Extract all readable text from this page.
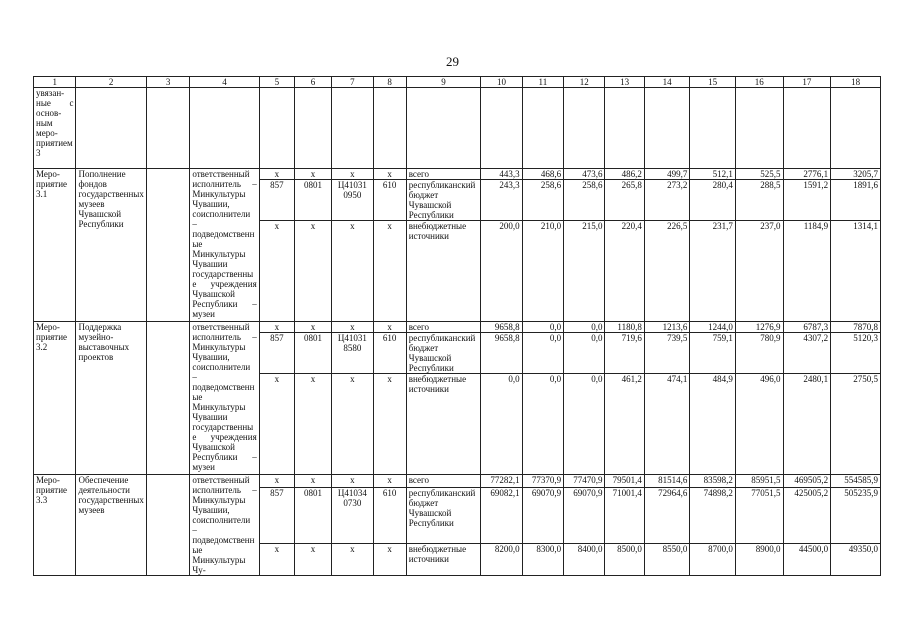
29
1	2	3	4	5	6	7	8	9	10	11	12	13	14	15	16	17	18
увязан-ные с основ-ным меро-приятием 3																	
Меро-приятие 3.1	Пополнение фондов государственных музеев Чувашской Республики		ответственный исполнитель – Минкультуры Чувашии, соисполнители – подведомственные Минкультуры Чувашии государственные учреждения Чувашской Республики – музеи	x	x	x	x	всего	443,3	468,6	473,6	486,2	499,7	512,1	525,5	2776,1	3205,7
				857	0801	Ц41031 0950	610	республиканский бюджет Чувашской Республики	243,3	258,6	258,6	265,8	273,2	280,4	288,5	1591,2	1891,6
				x	x	x	x	внебюджетные источники	200,0	210,0	215,0	220,4	226,5	231,7	237,0	1184,9	1314,1
Меро-приятие 3.2	Поддержка музейно-выставочных проектов		ответственный исполнитель – Минкультуры Чувашии, соисполнители – подведомственные Минкультуры Чувашии государственные учреждения Чувашской Республики – музеи	x	x	x	x	всего	9658,8	0,0	0,0	1180,8	1213,6	1244,0	1276,9	6787,3	7870,8
				857	0801	Ц41031 8580	610	республиканский бюджет Чувашской Республики	9658,8	0,0	0,0	719,6	739,5	759,1	780,9	4307,2	5120,3
				x	x	x	x	внебюджетные источники	0,0	0,0	0,0	461,2	474,1	484,9	496,0	2480,1	2750,5
Меро-приятие 3.3	Обеспечение деятельности государственных музеев		ответственный исполнитель – Минкультуры Чувашии, соисполнители – подведомственные Минкультуры Чу-	x	x	x	x	всего	77282,1	77370,9	77470,9	79501,4	81514,6	83598,2	85951,5	469505,2	554585,9
				857	0801	Ц41034 0730	610	республиканский бюджет Чувашской Республики	69082,1	69070,9	69070,9	71001,4	72964,6	74898,2	77051,5	425005,2	505235,9
				x	x	x	x	внебюджетные источники	8200,0	8300,0	8400,0	8500,0	8550,0	8700,0	8900,0	44500,0	49350,0
